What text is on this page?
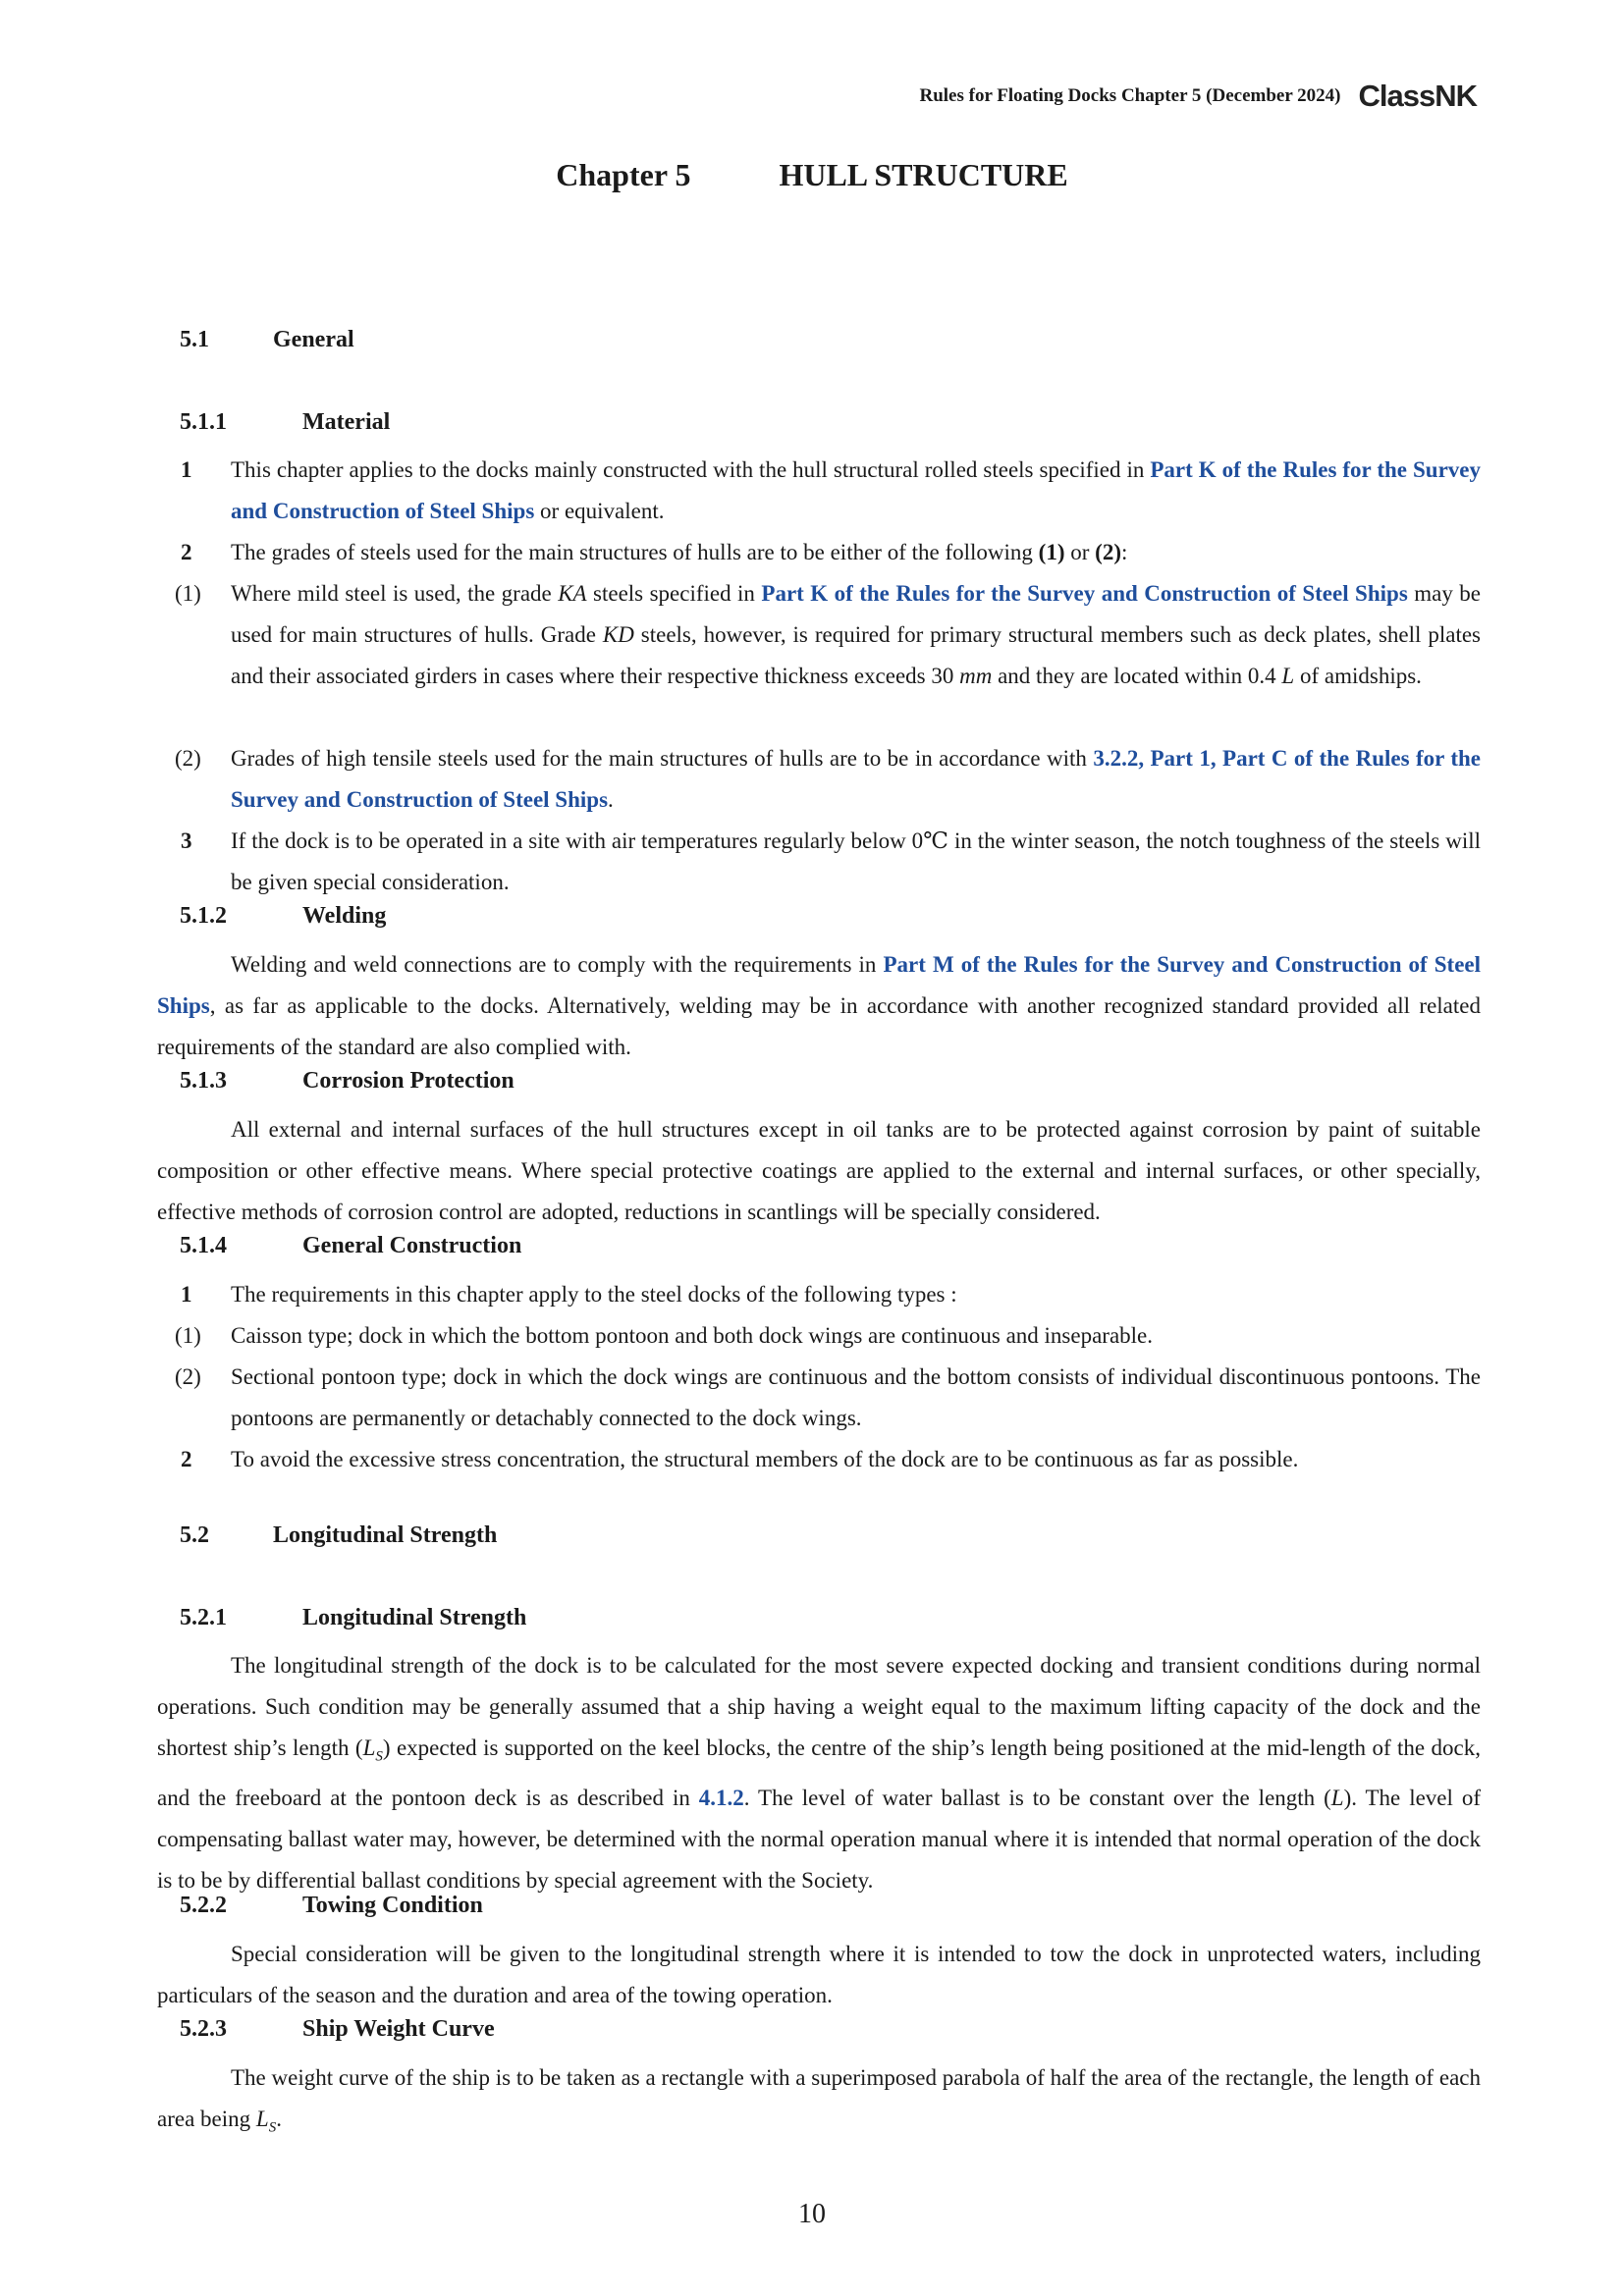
Rules for Floating Docks Chapter 5 (December 2024) ClassNK
Chapter 5	HULL STRUCTURE
5.1	General
5.1.1	Material
1 This chapter applies to the docks mainly constructed with the hull structural rolled steels specified in Part K of the Rules for the Survey and Construction of Steel Ships or equivalent.
2 The grades of steels used for the main structures of hulls are to be either of the following (1) or (2):
(1) Where mild steel is used, the grade KA steels specified in Part K of the Rules for the Survey and Construction of Steel Ships may be used for main structures of hulls. Grade KD steels, however, is required for primary structural members such as deck plates, shell plates and their associated girders in cases where their respective thickness exceeds 30 mm and they are located within 0.4 L of amidships.
(2) Grades of high tensile steels used for the main structures of hulls are to be in accordance with 3.2.2, Part 1, Part C of the Rules for the Survey and Construction of Steel Ships.
3 If the dock is to be operated in a site with air temperatures regularly below 0℃ in the winter season, the notch toughness of the steels will be given special consideration.
5.1.2	Welding
Welding and weld connections are to comply with the requirements in Part M of the Rules for the Survey and Construction of Steel Ships, as far as applicable to the docks. Alternatively, welding may be in accordance with another recognized standard provided all related requirements of the standard are also complied with.
5.1.3	Corrosion Protection
All external and internal surfaces of the hull structures except in oil tanks are to be protected against corrosion by paint of suitable composition or other effective means. Where special protective coatings are applied to the external and internal surfaces, or other specially, effective methods of corrosion control are adopted, reductions in scantlings will be specially considered.
5.1.4	General Construction
1 The requirements in this chapter apply to the steel docks of the following types :
(1) Caisson type; dock in which the bottom pontoon and both dock wings are continuous and inseparable.
(2) Sectional pontoon type; dock in which the dock wings are continuous and the bottom consists of individual discontinuous pontoons. The pontoons are permanently or detachably connected to the dock wings.
2 To avoid the excessive stress concentration, the structural members of the dock are to be continuous as far as possible.
5.2	Longitudinal Strength
5.2.1	Longitudinal Strength
The longitudinal strength of the dock is to be calculated for the most severe expected docking and transient conditions during normal operations. Such condition may be generally assumed that a ship having a weight equal to the maximum lifting capacity of the dock and the shortest ship’s length $(L_S)$ expected is supported on the keel blocks, the centre of the ship’s length being positioned at the mid-length of the dock, and the freeboard at the pontoon deck is as described in 4.1.2. The level of water ballast is to be constant over the length (L). The level of compensating ballast water may, however, be determined with the normal operation manual where it is intended that normal operation of the dock is to be by differential ballast conditions by special agreement with the Society.
5.2.2	Towing Condition
Special consideration will be given to the longitudinal strength where it is intended to tow the dock in unprotected waters, including particulars of the season and the duration and area of the towing operation.
5.2.3	Ship Weight Curve
The weight curve of the ship is to be taken as a rectangle with a superimposed parabola of half the area of the rectangle, the length of each area being $L_S$.
10
